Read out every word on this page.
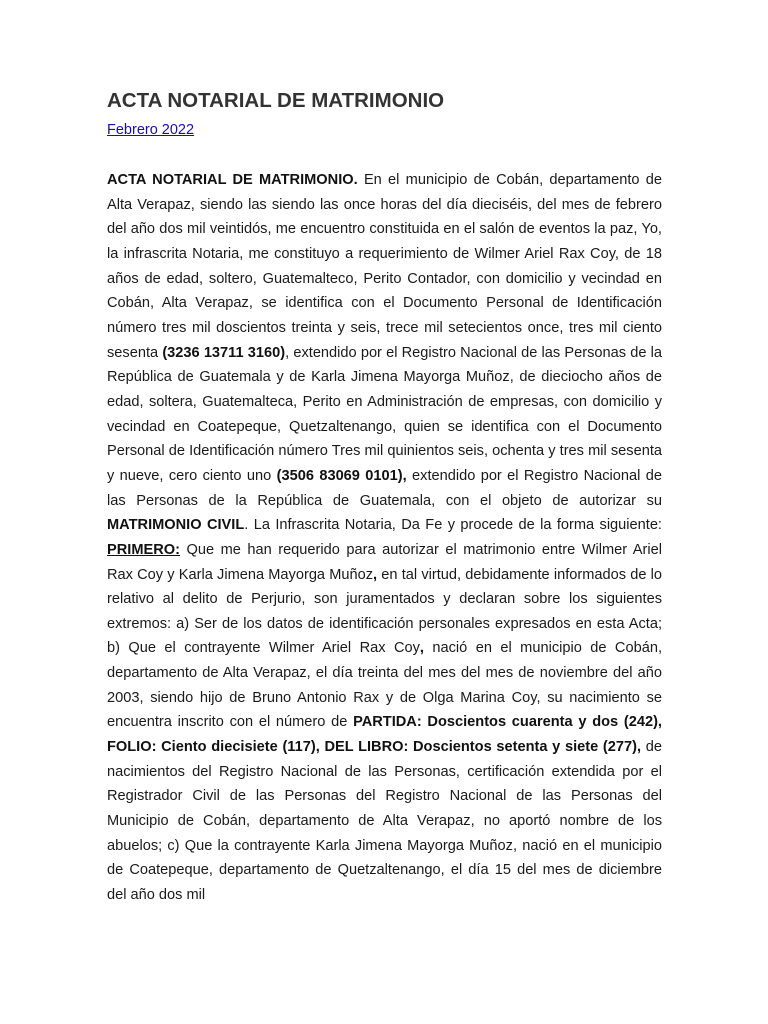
ACTA NOTARIAL DE MATRIMONIO
Febrero 2022

ACTA NOTARIAL DE MATRIMONIO. En el municipio de Cobán, departamento de Alta Verapaz, siendo las siendo las once horas del día dieciséis, del mes de febrero del año dos mil veintidós, me encuentro constituida en el salón de eventos la paz, Yo, la infrascrita Notaria, me constituyo a requerimiento de Wilmer Ariel Rax Coy, de 18 años de edad, soltero, Guatemalteco, Perito Contador, con domicilio y vecindad en Cobán, Alta Verapaz, se identifica con el Documento Personal de Identificación número tres mil doscientos treinta y seis, trece mil setecientos once, tres mil ciento sesenta (3236 13711 3160), extendido por el Registro Nacional de las Personas de la República de Guatemala y de Karla Jimena Mayorga Muñoz, de dieciocho años de edad, soltera, Guatemalteca, Perito en Administración de empresas, con domicilio y vecindad en Coatepeque, Quetzaltenango, quien se identifica con el Documento Personal de Identificación número Tres mil quinientos seis, ochenta y tres mil sesenta y nueve, cero ciento uno (3506 83069 0101), extendido por el Registro Nacional de las Personas de la República de Guatemala, con el objeto de autorizar su MATRIMONIO CIVIL. La Infrascrita Notaria, Da Fe y procede de la forma siguiente: PRIMERO: Que me han requerido para autorizar el matrimonio entre Wilmer Ariel Rax Coy y Karla Jimena Mayorga Muñoz, en tal virtud, debidamente informados de lo relativo al delito de Perjurio, son juramentados y declaran sobre los siguientes extremos: a) Ser de los datos de identificación personales expresados en esta Acta; b) Que el contrayente Wilmer Ariel Rax Coy, nació en el municipio de Cobán, departamento de Alta Verapaz, el día treinta del mes del mes de noviembre del año 2003, siendo hijo de Bruno Antonio Rax y de Olga Marina Coy, su nacimiento se encuentra inscrito con el número de PARTIDA: Doscientos cuarenta y dos (242), FOLIO: Ciento diecisiete (117), DEL LIBRO: Doscientos setenta y siete (277), de nacimientos del Registro Nacional de las Personas, certificación extendida por el Registrador Civil de las Personas del Registro Nacional de las Personas del Municipio de Cobán, departamento de Alta Verapaz, no aportó nombre de los abuelos; c) Que la contrayente Karla Jimena Mayorga Muñoz, nació en el municipio de Coatepeque, departamento de Quetzaltenango, el día 15 del mes de diciembre del año dos mil
